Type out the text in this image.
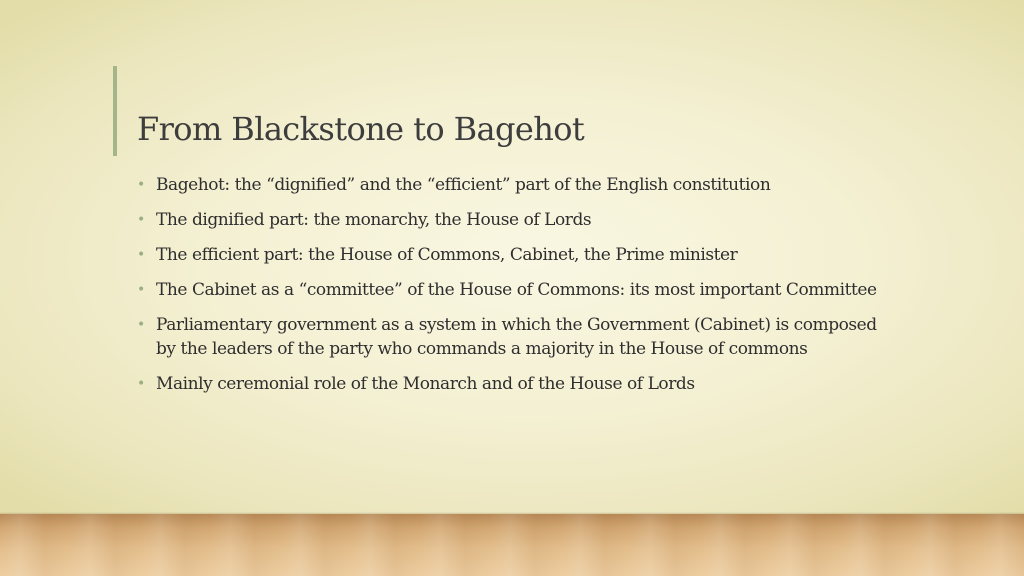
From Blackstone to Bagehot
• Bagehot: the “dignified” and the “efficient” part of the English constitution
• The dignified part: the monarchy, the House of Lords
• The efficient part: the House of Commons, Cabinet, the Prime minister
• The Cabinet as a “committee” of the House of Commons: its most important Committee
• Parliamentary government as a system in which the Government (Cabinet) is composed by the leaders of the party who commands a majority in the House of commons
• Mainly ceremonial role of the Monarch and of the House of Lords
